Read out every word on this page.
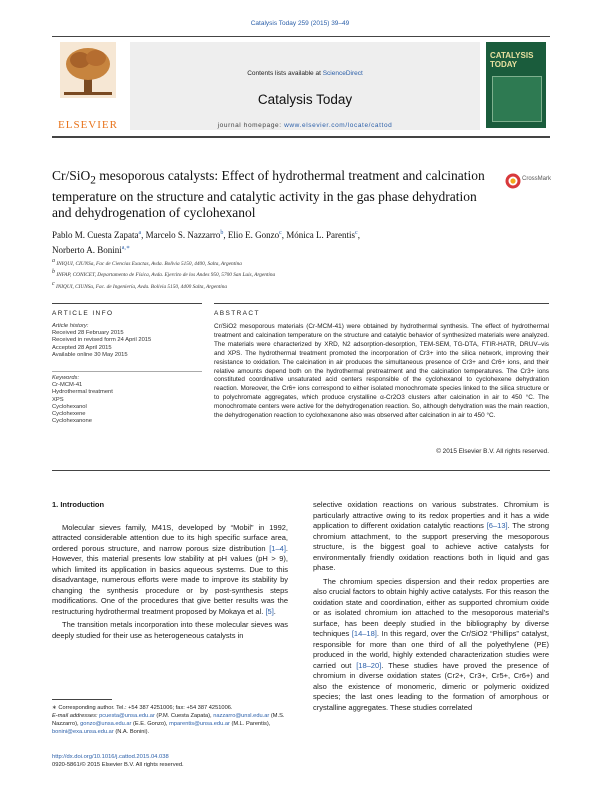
Catalysis Today 259 (2015) 39–49
ELSEVIER
Contents lists available at ScienceDirect
Catalysis Today
journal homepage: www.elsevier.com/locate/cattod
CATALYSIS TODAY
Cr/SiO$_2$ mesoporous catalysts: Effect of hydrothermal treatment and calcination temperature on the structure and catalytic activity in the gas phase dehydration and dehydrogenation of cyclohexanol
CrossMark
Pablo M. Cuesta Zapata$^a$, Marcelo S. Nazzarro$^b$, Elio E. Gonzo$^c$, Mónica L. Parentis$^c$,
Norberto A. Bonini$^{a,∗}$
$^a$ INIQUI, CIUNSa, Fac de Ciencias Exactas, Avda. Bolivia 5150, 4400, Salta, Argentina
$^b$ INFAP, CONICET, Departamento de Física, Avda. Ejercito de los Andes 950, 5700 San Luis, Argentina
$^c$ INIQUI, CIUNSa, Fac. de Ingeniería, Avda. Bolivia 5150, 4400 Salta, Argentina
ARTICLE INFO	ABSTRACT
Article history:
Received 28 February 2015
Received in revised form 24 April 2015
Accepted 28 April 2015
Available online 30 May 2015
Keywords:
Cr-MCM-41
Hydrothermal treatment
XPS
Cyclohexanol
Cyclohexene
Cyclohexanone
Cr/SiO2 mesoporous materials (Cr-MCM-41) were obtained by hydrothermal synthesis. The effect of hydrothermal treatment and calcination temperature on the structure and catalytic behavior of synthesized materials were analyzed. The materials were characterized by XRD, N2 adsorption-desorption, TEM-SEM, TG-DTA, FTIR-HATR, DRUV–vis and XPS. The hydrothermal treatment promoted the incorporation of Cr3+ into the silica network, improving their resistance to oxidation. The calcination in air produces the simultaneous presence of Cr3+ and Cr6+ ions, and their relative amounts depend both on the hydrothermal pretreatment and the calcination temperatures. The Cr3+ ions constituted coordinative unsaturated acid centers responsible of the cyclohexanol to cyclohexene dehydration reaction. Moreover, the Cr6+ ions correspond to either isolated monochromate species linked to the silica structure or to polychromate aggregates, which produce crystalline α-Cr2O3 clusters after calcination in air to 450 °C. The monochromate centers were active for the dehydrogenation reaction. So, although dehydration was the main reaction, the dehydrogenation reaction to cyclohexanone also was observed after calcination in air to 450 °C.
© 2015 Elsevier B.V. All rights reserved.
1. Introduction

Molecular sieves family, M41S, developed by “Mobil” in 1992, attracted considerable attention due to its high specific surface area, ordered porous structure, and narrow porous size distribution [1–4]. However, this material presents low stability at pH values (pH > 9), which limited its application in basics aqueous systems. Due to this disadvantage, numerous efforts were made to improve its stability by changing the synthesis procedure or by post-synthesis steps modifications. One of the procedures that give better results was the restructuring hydrothermal treatment proposed by Mokaya et al. [5].

The transition metals incorporation into these molecular sieves was deeply studied for their use as heterogeneous catalysts in

selective oxidation reactions on various substrates. Chromium is particularly attractive owing to its redox properties and it has a wide application to different oxidation catalytic reactions [6–13]. The strong chromium attachment, to the support preserving the mesoporous structure, is the biggest goal to achieve active catalysts for environmentally friendly oxidation reactions both in liquid and gas phase.

The chromium species dispersion and their redox properties are also crucial factors to obtain highly active catalysts. For this reason the oxidation state and coordination, either as supported chromium oxide or as isolated chromium ion attached to the mesoporous material’s surface, has been deeply studied in the bibliography by diverse techniques [14–18]. In this regard, over the Cr/SiO2 “Phillips” catalyst, responsible for more than one third of all the polyethylene (PE) produced in the world, highly extended characterization studies were carried out [18–20]. These studies have proved the presence of chromium in diverse oxidation states (Cr2+, Cr3+, Cr5+, Cr6+) and also the existence of monomeric, dimeric or polymeric oxidized species; the last ones leading to the formation of amorphous or crystalline aggregates. These studies correlated

∗ Corresponding author. Tel.: +54 387 4251006; fax: +54 387 4251006.
E-mail addresses: pcuesta@unsa.edu.ar (P.M. Cuesta Zapata), nazzarro@unsl.edu.ar (M.S. Nazzarro), gonzo@unsa.edu.ar (E.E. Gonzo), mparentis@unsa.edu.ar (M.L. Parentis), bonini@exa.unsa.edu.ar (N.A. Bonini).
http://dx.doi.org/10.1016/j.cattod.2015.04.038
0920-5861/© 2015 Elsevier B.V. All rights reserved.
